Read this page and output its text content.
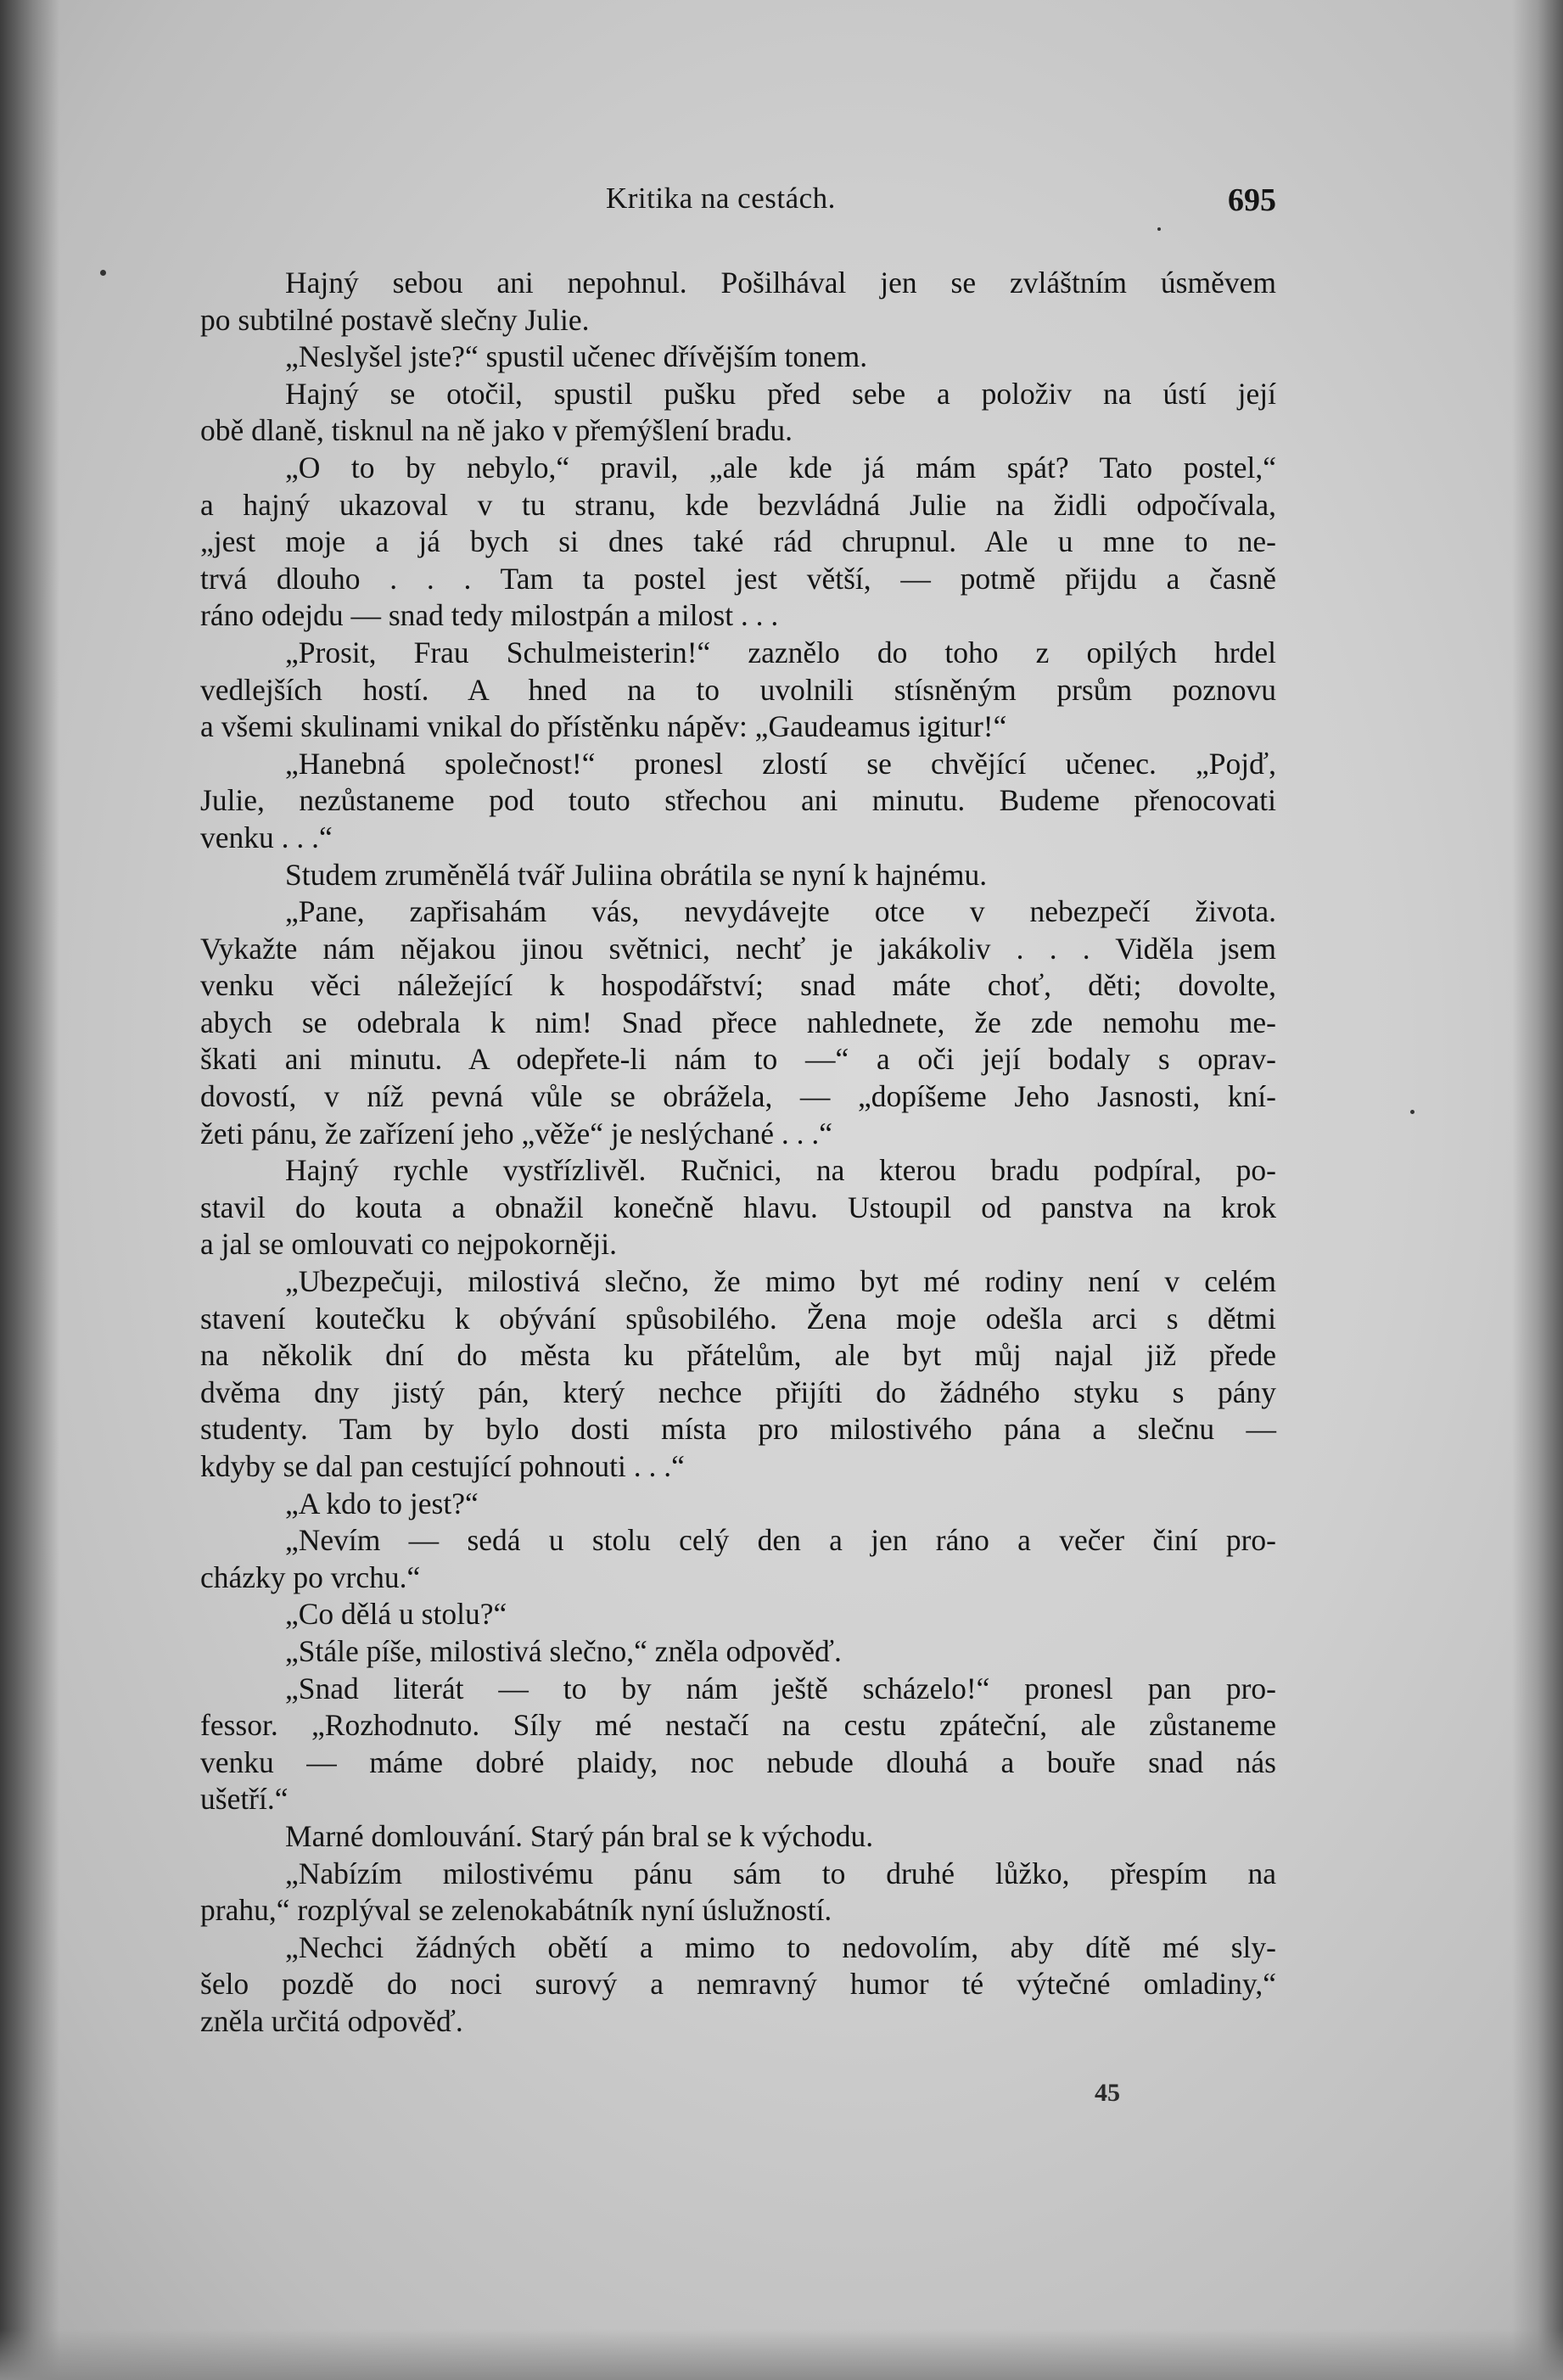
Kritika na cestách.	695
Hajný sebou ani nepohnul. Pošilhával jen se zvláštním úsměvem
po subtilné postavě slečny Julie.
„Neslyšel jste?“ spustil učenec dřívějším tonem.
Hajný se otočil, spustil pušku před sebe a položiv na ústí její
obě dlaně, tisknul na ně jako v přemýšlení bradu.
„O to by nebylo,“ pravil, „ale kde já mám spát? Tato postel,“
a hajný ukazoval v tu stranu, kde bezvládná Julie na židli odpočívala,
„jest moje a já bych si dnes také rád chrupnul. Ale u mne to ne-
trvá dlouho . . . Tam ta postel jest větší, — potmě přijdu a časně
ráno odejdu — snad tedy milostpán a milost . . .
„Prosit, Frau Schulmeisterin!“ zaznělo do toho z opilých hrdel
vedlejších hostí. A hned na to uvolnili stísněným prsům poznovu
a všemi skulinami vnikal do přístěnku nápěv: „Gaudeamus igitur!“
„Hanebná společnost!“ pronesl zlostí se chvějící učenec. „Pojď,
Julie, nezůstaneme pod touto střechou ani minutu. Budeme přenocovati
venku . . .“
Studem zruměnělá tvář Juliina obrátila se nyní k hajnému.
„Pane, zapřisahám vás, nevydávejte otce v nebezpečí života.
Vykažte nám nějakou jinou světnici, nechť je jakákoliv . . . Viděla jsem
venku věci náležející k hospodářství; snad máte choť, děti; dovolte,
abych se odebrala k nim! Snad přece nahlednete, že zde nemohu me-
škati ani minutu. A odepřete-li nám to —“ a oči její bodaly s oprav-
dovostí, v níž pevná vůle se obrážela, — „dopíšeme Jeho Jasnosti, kní-
žeti pánu, že zařízení jeho „věže“ je neslýchané . . .“
Hajný rychle vystřízlivěl. Ručnici, na kterou bradu podpíral, po-
stavil do kouta a obnažil konečně hlavu. Ustoupil od panstva na krok
a jal se omlouvati co nejpokorněji.
„Ubezpečuji, milostivá slečno, že mimo byt mé rodiny není v celém
stavení koutečku k obývání spůsobilého. Žena moje odešla arci s dětmi
na několik dní do města ku přátelům, ale byt můj najal již přede
dvěma dny jistý pán, který nechce přijíti do žádného styku s pány
studenty. Tam by bylo dosti místa pro milostivého pána a slečnu —
kdyby se dal pan cestující pohnouti . . .“
„A kdo to jest?“
„Nevím — sedá u stolu celý den a jen ráno a večer činí pro-
cházky po vrchu.“
„Co dělá u stolu?“
„Stále píše, milostivá slečno,“ zněla odpověď.
„Snad literát — to by nám ještě scházelo!“ pronesl pan pro-
fessor. „Rozhodnuto. Síly mé nestačí na cestu zpáteční, ale zůstaneme
venku — máme dobré plaidy, noc nebude dlouhá a bouře snad nás
ušetří.“
Marné domlouvání. Starý pán bral se k východu.
„Nabízím milostivému pánu sám to druhé lůžko, přespím na
prahu,“ rozplýval se zelenokabátník nyní úslužností.
„Nechci žádných obětí a mimo to nedovolím, aby dítě mé sly-
šelo pozdě do noci surový a nemravný humor té výtečné omladiny,“
zněla určitá odpověď.
45
